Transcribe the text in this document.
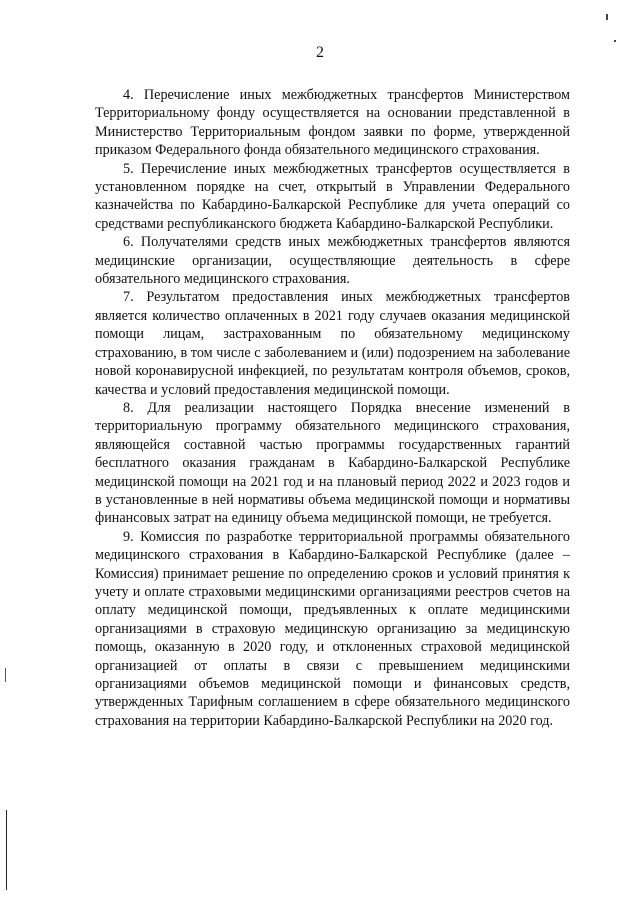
2

4. Перечисление иных межбюджетных трансфертов Министерством Территориальному фонду осуществляется на основании представленной в Министерство Территориальным фондом заявки по форме, утвержденной приказом Федерального фонда обязательного медицинского страхования.

5. Перечисление иных межбюджетных трансфертов осуществляется в установленном порядке на счет, открытый в Управлении Федерального казначейства по Кабардино-Балкарской Республике для учета операций со средствами республиканского бюджета Кабардино-Балкарской Республики.

6. Получателями средств иных межбюджетных трансфертов являются медицинские организации, осуществляющие деятельность в сфере обязательного медицинского страхования.

7. Результатом предоставления иных межбюджетных трансфертов является количество оплаченных в 2021 году случаев оказания медицинской помощи лицам, застрахованным по обязательному медицинскому страхованию, в том числе с заболеванием и (или) подозрением на заболевание новой коронавирусной инфекцией, по результатам контроля объемов, сроков, качества и условий предоставления медицинской помощи.

8. Для реализации настоящего Порядка внесение изменений в территориальную программу обязательного медицинского страхования, являющейся составной частью программы государственных гарантий бесплатного оказания гражданам в Кабардино-Балкарской Республике медицинской помощи на 2021 год и на плановый период 2022 и 2023 годов и в установленные в ней нормативы объема медицинской помощи и нормативы финансовых затрат на единицу объема медицинской помощи, не требуется.

9. Комиссия по разработке территориальной программы обязательного медицинского страхования в Кабардино-Балкарской Республике (далее – Комиссия) принимает решение по определению сроков и условий принятия к учету и оплате страховыми медицинскими организациями реестров счетов на оплату медицинской помощи, предъявленных к оплате медицинскими организациями в страховую медицинскую организацию за медицинскую помощь, оказанную в 2020 году, и отклоненных страховой медицинской организацией от оплаты в связи с превышением медицинскими организациями объемов медицинской помощи и финансовых средств, утвержденных Тарифным соглашением в сфере обязательного медицинского страхования на территории Кабардино-Балкарской Республики на 2020 год.
